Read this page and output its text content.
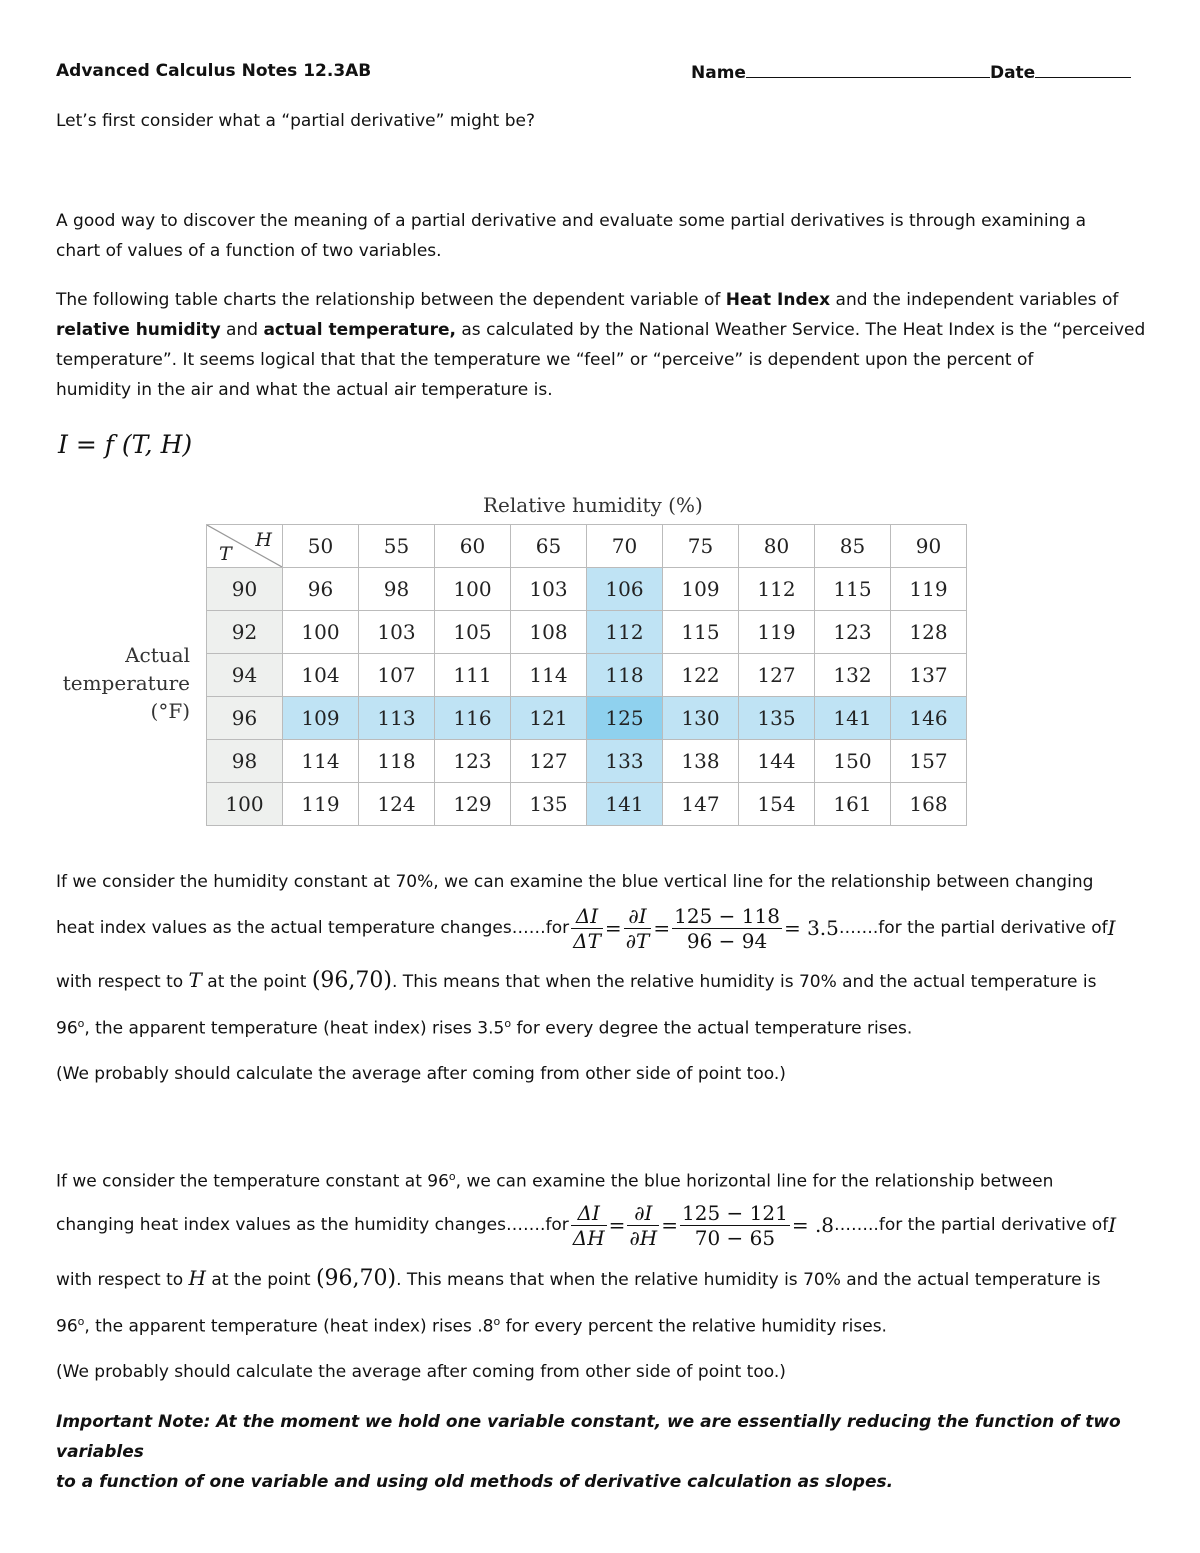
Advanced Calculus Notes 12.3AB	Name	Date
Let’s first consider what a “partial derivative” might be?
A good way to discover the meaning of a partial derivative and evaluate some partial derivatives is through examining a
chart of values of a function of two variables.
The following table charts the relationship between the dependent variable of Heat Index and the independent variables of
relative humidity and actual temperature, as calculated by the National Weather Service. The Heat Index is the “perceived
temperature”. It seems logical that that the temperature we “feel” or “perceive” is dependent upon the percent of
humidity in the air and what the actual air temperature is.
I = f (T, H)
Relative humidity (%)
Actual
temperature
(°F)
H
T	50	55	60	65	70	75	80	85	90
90	96	98	100	103	106	109	112	115	119
92	100	103	105	108	112	115	119	123	128
94	104	107	111	114	118	122	127	132	137
96	109	113	116	121	125	130	135	141	146
98	114	118	123	127	133	138	144	150	157
100	119	124	129	135	141	147	154	161	168
If we consider the humidity constant at 70%, we can examine the blue vertical line for the relationship between changing
heat index values as the actual temperature changes……for $\frac{\Delta I}{\Delta T} = \frac{\partial I}{\partial T} = \frac{125 - 118}{96 - 94} = 3.5$ …….for the partial derivative of I
with respect to T at the point (96,70). This means that when the relative humidity is 70% and the actual temperature is
96$^o$, the apparent temperature (heat index) rises 3.5$^o$ for every degree the actual temperature rises.
(We probably should calculate the average after coming from other side of point too.)
If we consider the temperature constant at 96$^o$, we can examine the blue horizontal line for the relationship between
changing heat index values as the humidity changes…….for $\frac{\Delta I}{\Delta H} = \frac{\partial I}{\partial H} = \frac{125 - 121}{70 - 65} = .8$ ……..for the partial derivative of I
with respect to H at the point (96,70). This means that when the relative humidity is 70% and the actual temperature is
96$^o$, the apparent temperature (heat index) rises .8$^o$ for every percent the relative humidity rises.
(We probably should calculate the average after coming from other side of point too.)
Important Note: At the moment we hold one variable constant, we are essentially reducing the function of two variables
to a function of one variable and using old methods of derivative calculation as slopes.
